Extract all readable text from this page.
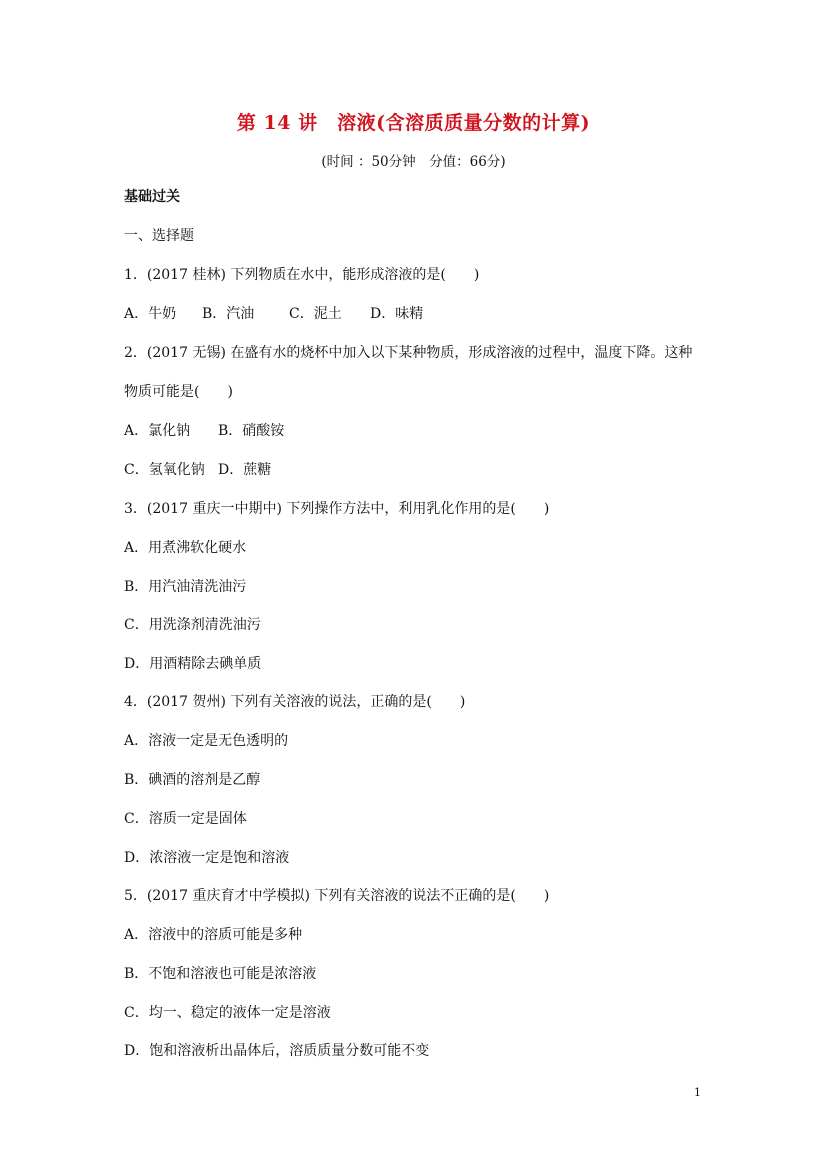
第 14 讲　溶液(含溶质质量分数的计算)
(时间 ：50分钟　分值：66分)
基础过关
一、选择题
1．(2017 桂林) 下列物质在水中，能形成溶液的是(　　)
A．牛奶 B．汽油 C．泥土 D．味精
2．(2017 无锡) 在盛有水的烧杯中加入以下某种物质，形成溶液的过程中，温度下降。这种
物质可能是(　　)
A．氯化钠 B．硝酸铵
C．氢氧化钠 D．蔗糖
3．(2017 重庆一中期中) 下列操作方法中，利用乳化作用的是(　　)
A．用煮沸软化硬水
B．用汽油清洗油污
C．用洗涤剂清洗油污
D．用酒精除去碘单质
4．(2017 贺州) 下列有关溶液的说法，正确的是(　　)
A．溶液一定是无色透明的
B．碘酒的溶剂是乙醇
C．溶质一定是固体
D．浓溶液一定是饱和溶液
5．(2017 重庆育才中学模拟) 下列有关溶液的说法不正确的是(　　)
A．溶液中的溶质可能是多种
B．不饱和溶液也可能是浓溶液
C．均一、稳定的液体一定是溶液
D．饱和溶液析出晶体后，溶质质量分数可能不变
1
